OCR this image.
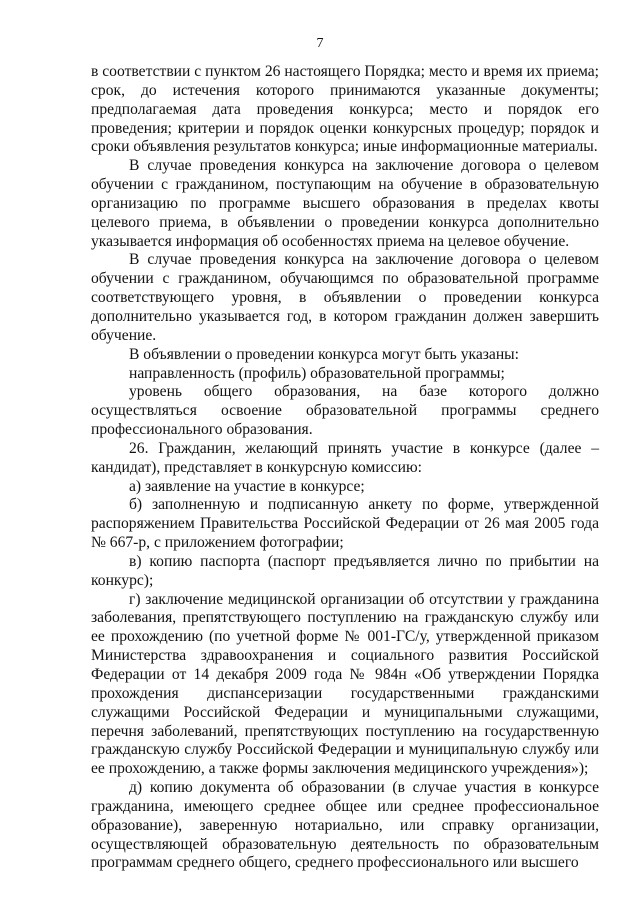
7

в соответствии с пунктом 26 настоящего Порядка; место и время их приема; срок, до истечения которого принимаются указанные документы; предполагаемая дата проведения конкурса; место и порядок его проведения; критерии и порядок оценки конкурсных процедур; порядок и сроки объявления результатов конкурса; иные информационные материалы.

В случае проведения конкурса на заключение договора о целевом обучении с гражданином, поступающим на обучение в образовательную организацию по программе высшего образования в пределах квоты целевого приема, в объявлении о проведении конкурса дополнительно указывается информация об особенностях приема на целевое обучение.

В случае проведения конкурса на заключение договора о целевом обучении с гражданином, обучающимся по образовательной программе соответствующего уровня, в объявлении о проведении конкурса дополнительно указывается год, в котором гражданин должен завершить обучение.

В объявлении о проведении конкурса могут быть указаны:

направленность (профиль) образовательной программы;

уровень общего образования, на базе которого должно осуществляться освоение образовательной программы среднего профессионального образования.

26. Гражданин, желающий принять участие в конкурсе (далее – кандидат), представляет в конкурсную комиссию:

а) заявление на участие в конкурсе;

б) заполненную и подписанную анкету по форме, утвержденной распоряжением Правительства Российской Федерации от 26 мая 2005 года № 667-р, с приложением фотографии;

в) копию паспорта (паспорт предъявляется лично по прибытии на конкурс);

г) заключение медицинской организации об отсутствии у гражданина заболевания, препятствующего поступлению на гражданскую службу или ее прохождению (по учетной форме № 001-ГС/у, утвержденной приказом Министерства здравоохранения и социального развития Российской Федерации от 14 декабря 2009 года № 984н «Об утверждении Порядка прохождения диспансеризации государственными гражданскими служащими Российской Федерации и муниципальными служащими, перечня заболеваний, препятствующих поступлению на государственную гражданскую службу Российской Федерации и муниципальную службу или ее прохождению, а также формы заключения медицинского учреждения»);

д) копию документа об образовании (в случае участия в конкурсе гражданина, имеющего среднее общее или среднее профессиональное образование), заверенную нотариально, или справку организации, осуществляющей образовательную деятельность по образовательным программам среднего общего, среднего профессионального или высшего
